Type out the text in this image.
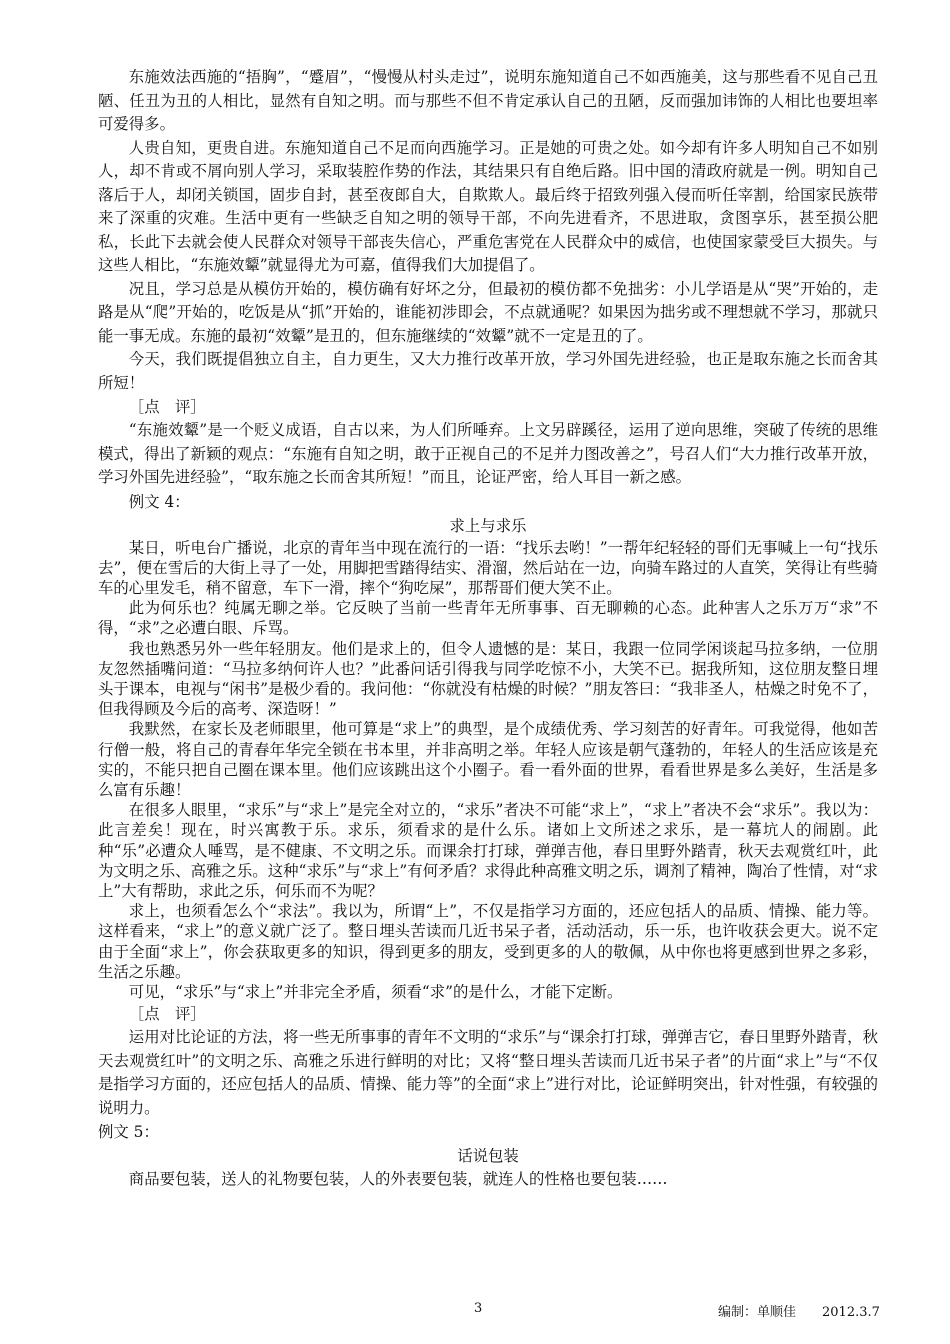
东施效法西施的“捂胸”，“蹙眉”，“慢慢从村头走过”，说明东施知道自己不如西施美，这与那些看不见自己丑陋、任丑为丑的人相比，显然有自知之明。而与那些不但不肯定承认自己的丑陋，反而强加讳饰的人相比也要坦率可爱得多。

人贵自知，更贵自进。东施知道自己不足而向西施学习。正是她的可贵之处。如今却有许多人明知自己不如别人，却不肯或不屑向别人学习，采取装腔作势的作法，其结果只有自绝后路。旧中国的清政府就是一例。明知自己落后于人，却闭关锁国，固步自封，甚至夜郎自大，自欺欺人。最后终于招致列强入侵而听任宰割，给国家民族带来了深重的灾难。生活中更有一些缺乏自知之明的领导干部，不向先进看齐，不思进取，贪图享乐，甚至损公肥私，长此下去就会使人民群众对领导干部丧失信心，严重危害党在人民群众中的威信，也使国家蒙受巨大损失。与这些人相比，“东施效颦”就显得尤为可嘉，值得我们大加提倡了。

况且，学习总是从模仿开始的，模仿确有好坏之分，但最初的模仿都不免拙劣：小儿学语是从“哭”开始的，走路是从“爬”开始的，吃饭是从“抓”开始的，谁能初涉即会，不点就通呢？如果因为拙劣或不理想就不学习，那就只能一事无成。东施的最初“效颦”是丑的，但东施继续的“效颦”就不一定是丑的了。

今天，我们既提倡独立自主，自力更生，又大力推行改革开放，学习外国先进经验，也正是取东施之长而舍其所短！

［点　评］

“东施效颦”是一个贬义成语，自古以来，为人们所唾弃。上文另辟蹊径，运用了逆向思维，突破了传统的思维模式，得出了新颖的观点：“东施有自知之明，敢于正视自己的不足并力图改善之”，号召人们“大力推行改革开放，学习外国先进经验”，“取东施之长而舍其所短！”而且，论证严密，给人耳目一新之感。

例文 4：

求上与求乐

某日，听电台广播说，北京的青年当中现在流行的一语：“找乐去哟！”一帮年纪轻轻的哥们无事喊上一句“找乐去”，便在雪后的大街上寻了一处，用脚把雪踏得结实、滑溜，然后站在一边，向骑车路过的人直笑，笑得让有些骑车的心里发毛，稍不留意，车下一滑，摔个“狗吃屎”，那帮哥们便大笑不止。

此为何乐也？纯属无聊之举。它反映了当前一些青年无所事事、百无聊赖的心态。此种害人之乐万万“求”不得，“求”之必遭白眼、斥骂。

我也熟悉另外一些年轻朋友。他们是求上的，但令人遗憾的是：某日，我跟一位同学闲谈起马拉多纳，一位朋友忽然插嘴问道：“马拉多纳何许人也？”此番问话引得我与同学吃惊不小，大笑不已。据我所知，这位朋友整日埋头于课本，电视与“闲书”是极少看的。我问他：“你就没有枯燥的时候？”朋友答曰：“我非圣人，枯燥之时免不了，但我得顾及今后的高考、深造呀！”

我默然，在家长及老师眼里，他可算是“求上”的典型，是个成绩优秀、学习刻苦的好青年。可我觉得，他如苦行僧一般，将自己的青春年华完全锁在书本里，并非高明之举。年轻人应该是朝气蓬勃的，年轻人的生活应该是充实的，不能只把自己圈在课本里。他们应该跳出这个小圈子。看一看外面的世界，看看世界是多么美好，生活是多么富有乐趣！

在很多人眼里，“求乐”与“求上”是完全对立的，“求乐”者决不可能“求上”，“求上”者决不会“求乐”。我以为：此言差矣！现在，时兴寓教于乐。求乐，须看求的是什么乐。诸如上文所述之求乐，是一幕坑人的闹剧。此种“乐”必遭众人唾骂，是不健康、不文明之乐。而课余打打球，弹弹吉他，春日里野外踏青，秋天去观赏红叶，此为文明之乐、高雅之乐。这种“求乐”与“求上”有何矛盾？求得此种高雅文明之乐，调剂了精神，陶冶了性情，对“求上”大有帮助，求此之乐，何乐而不为呢？

求上，也须看怎么个“求法”。我以为，所谓“上”，不仅是指学习方面的，还应包括人的品质、情操、能力等。这样看来，“求上”的意义就广泛了。整日埋头苦读而几近书呆子者，活动活动，乐一乐，也许收获会更大。说不定由于全面“求上”，你会获取更多的知识，得到更多的朋友，受到更多的人的敬佩，从中你也将更感到世界之多彩，生活之乐趣。

可见，“求乐”与“求上”并非完全矛盾，须看“求”的是什么，才能下定断。

［点　评］

运用对比论证的方法，将一些无所事事的青年不文明的“求乐”与“课余打打球，弹弹吉它，春日里野外踏青，秋天去观赏红叶”的文明之乐、高雅之乐进行鲜明的对比；又将“整日埋头苦读而几近书呆子者”的片面“求上”与“不仅是指学习方面的，还应包括人的品质、情操、能力等”的全面“求上”进行对比，论证鲜明突出，针对性强，有较强的说明力。

例文 5：

话说包装

商品要包装，送人的礼物要包装，人的外表要包装，就连人的性格也要包装……

3	编制：单顺佳　　2012.3.7
